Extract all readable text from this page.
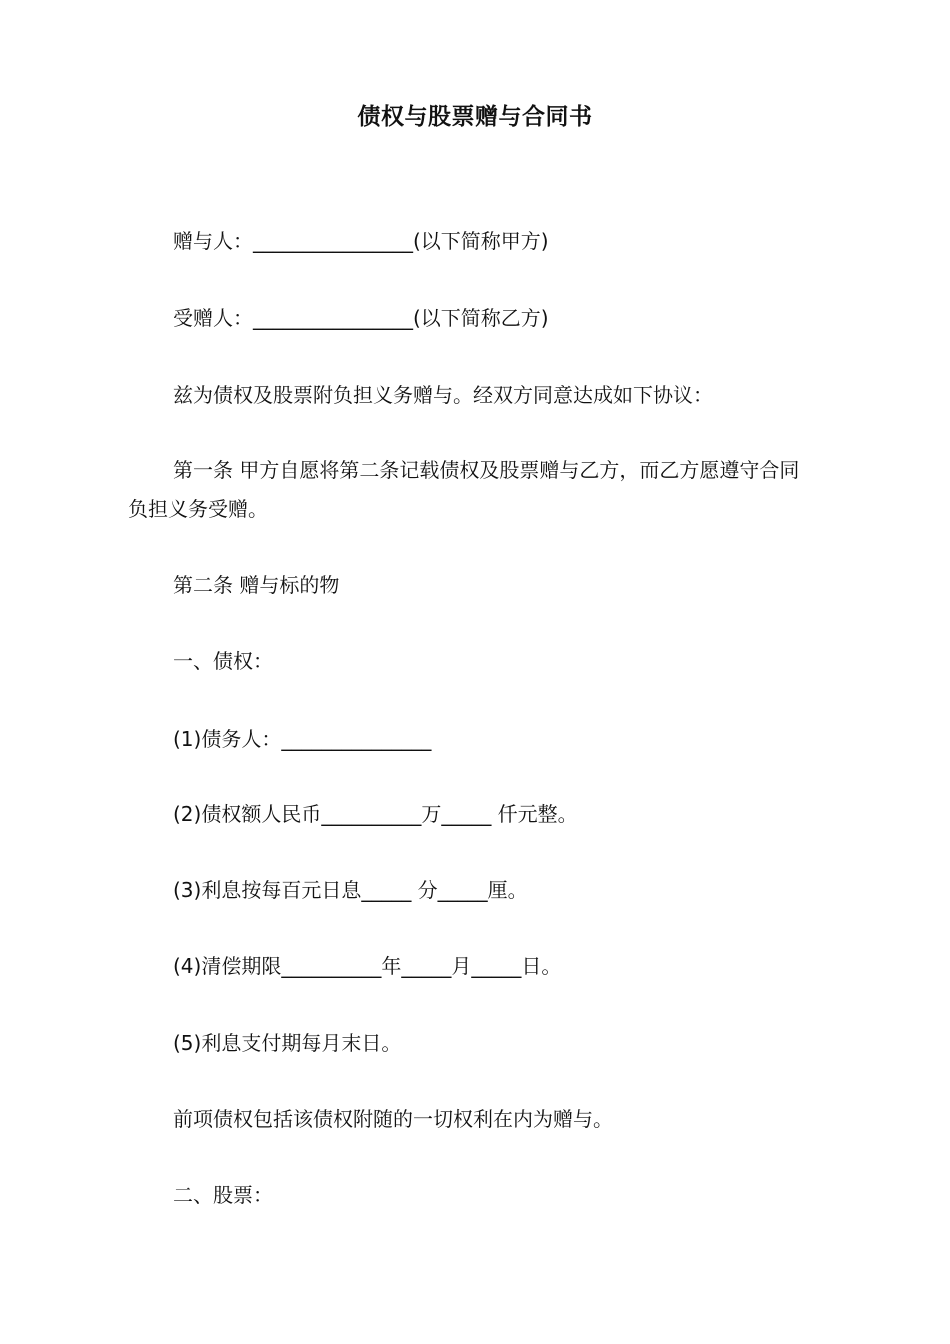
债权与股票赠与合同书
赠与人：________________(以下简称甲方)
受赠人：________________(以下简称乙方)
兹为债权及股票附负担义务赠与。经双方同意达成如下协议：
第一条 甲方自愿将第二条记载债权及股票赠与乙方，而乙方愿遵守合同负担义务受赠。
第二条 赠与标的物
一、债权：
(1)债务人：_______________
(2)债权额人民币__________万_____ 仟元整。
(3)利息按每百元日息_____ 分_____厘。
(4)清偿期限__________年_____月_____日。
(5)利息支付期每月末日。
前项债权包括该债权附随的一切权利在内为赠与。
二、股票：
